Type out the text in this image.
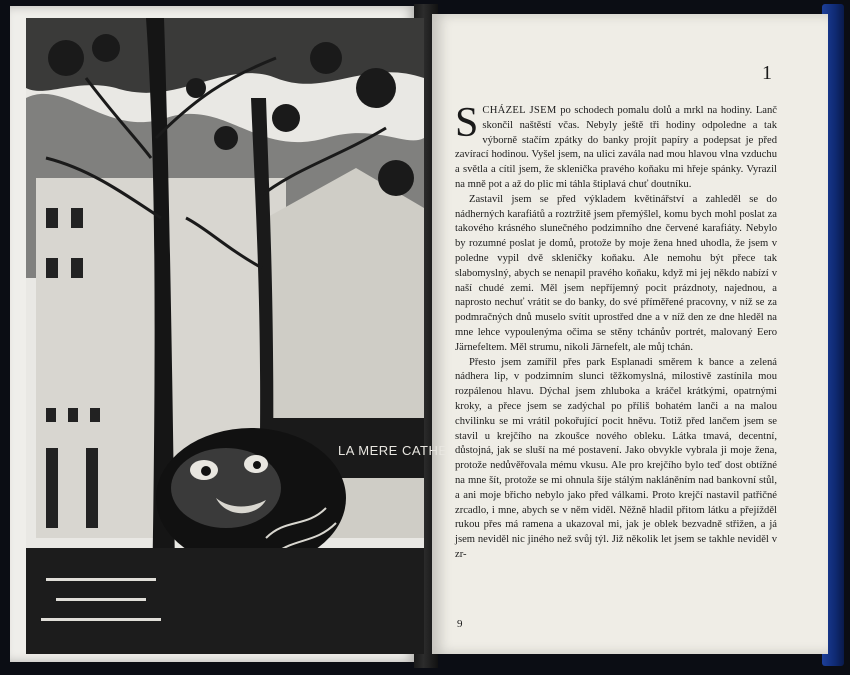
LA MERE CATHE
1

SCHÁZEL JSEM po schodech pomalu dolů a mrkl na hodiny. Lanč skončil naštěstí včas. Nebyly ještě tři hodiny odpoledne a tak výborně stačím zpátky do banky projít papíry a podepsat je před zavírací hodinou. Vyšel jsem, na ulici zavála nad mou hlavou vlna vzduchu a světla a cítil jsem, že sklenička pravého koňaku mi hřeje spánky. Vyrazil na mně pot a až do plic mi táhla štiplavá chuť doutníku.

Zastavil jsem se před výkladem květinářství a zahleděl se do nádherných karafiátů a roztržitě jsem přemýšlel, komu bych mohl poslat za takového krásného slunečného podzimního dne červené karafiáty. Nebylo by rozumné poslat je domů, protože by moje žena hned uhodla, že jsem v poledne vypil dvě skleničky koňaku. Ale nemohu být přece tak slabomyslný, abych se nenapil pravého koňaku, když mi jej někdo nabízí v naší chudé zemi. Měl jsem nepříjemný pocit prázdnoty, najednou, a naprosto nechuť vrátit se do banky, do své příměřené pracovny, v níž se za podmračných dnů muselo svítit uprostřed dne a v níž den ze dne hleděl na mne lehce vypoulenýma očima se stěny tchánův portrét, malovaný Eero Järnefeltem. Měl strumu, nikoli Järnefelt, ale můj tchán.

Přesto jsem zamířil přes park Esplanadi směrem k bance a zelená nádhera lip, v podzimním slunci těžkomyslná, milostivě zastínila mou rozpálenou hlavu. Dýchal jsem zhluboka a kráčel krátkými, opatrnými kroky, a přece jsem se zadýchal po příliš bohatém lanči a na malou chvilinku se mi vrátil pokořující pocit hněvu. Totiž před lančem jsem se stavil u krejčího na zkoušce nového obleku. Látka tmavá, decentní, důstojná, jak se sluší na mé postavení. Jako obvykle vybrala ji moje žena, protože nedůvěřovala mému vkusu. Ale pro krejčího bylo teď dost obtížné na mne šít, protože se mi ohnula šíje stálým nakláněním nad bankovní stůl, a ani moje břicho nebylo jako před válkami. Proto krejčí nastavil patřičné zrcadlo, i mne, abych se v něm viděl. Něžně hladil přitom látku a přejížděl rukou přes má ramena a ukazoval mi, jak je oblek bezvadně střižen, a já jsem neviděl nic jiného než svůj týl. Již několik let jsem se takhle neviděl v zr-

9
